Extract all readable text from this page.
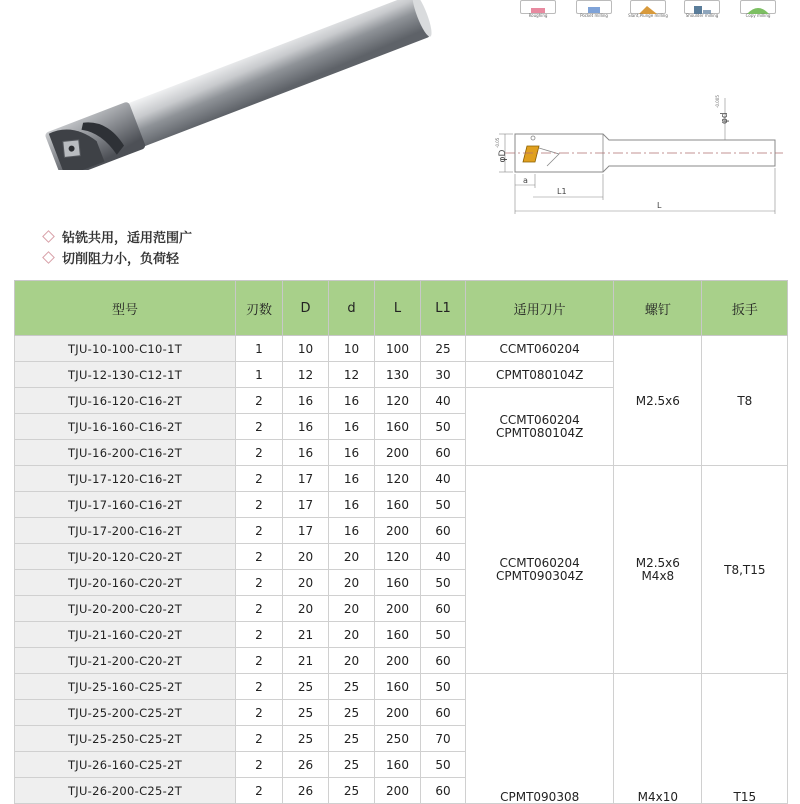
Roughing	Pocket milling	Slant,Plunge milling	Shoulder milling	Copy milling
φD
-0.05
φd
-0.005
a
L1
L
钻铣共用，适用范围广
切削阻力小，负荷轻
型号	刃数	D	d	L	L1	适用刀片	螺钉	扳手
TJU-10-100-C10-1T	1	10	10	100	25	CCMT060204	M2.5x6	T8
TJU-12-130-C12-1T	1	12	12	130	30	CPMT080104Z		
TJU-16-120-C16-2T	2	16	16	120	40	CCMT060204 CPMT080104Z		
TJU-16-160-C16-2T	2	16	16	160	50			
TJU-16-200-C16-2T	2	16	16	200	60			
TJU-17-120-C16-2T	2	17	16	120	40	CCMT060204 CPMT090304Z	M2.5x6 M4x8	T8,T15
TJU-17-160-C16-2T	2	17	16	160	50			
TJU-17-200-C16-2T	2	17	16	200	60			
TJU-20-120-C20-2T	2	20	20	120	40			
TJU-20-160-C20-2T	2	20	20	160	50			
TJU-20-200-C20-2T	2	20	20	200	60			
TJU-21-160-C20-2T	2	21	20	160	50			
TJU-21-200-C20-2T	2	21	20	200	60			
TJU-25-160-C25-2T	2	25	25	160	50	CPMT090308	M4x10	T15
TJU-25-200-C25-2T	2	25	25	200	60			
TJU-25-250-C25-2T	2	25	25	250	70			
TJU-26-160-C25-2T	2	26	25	160	50			
TJU-26-200-C25-2T	2	26	25	200	60			
